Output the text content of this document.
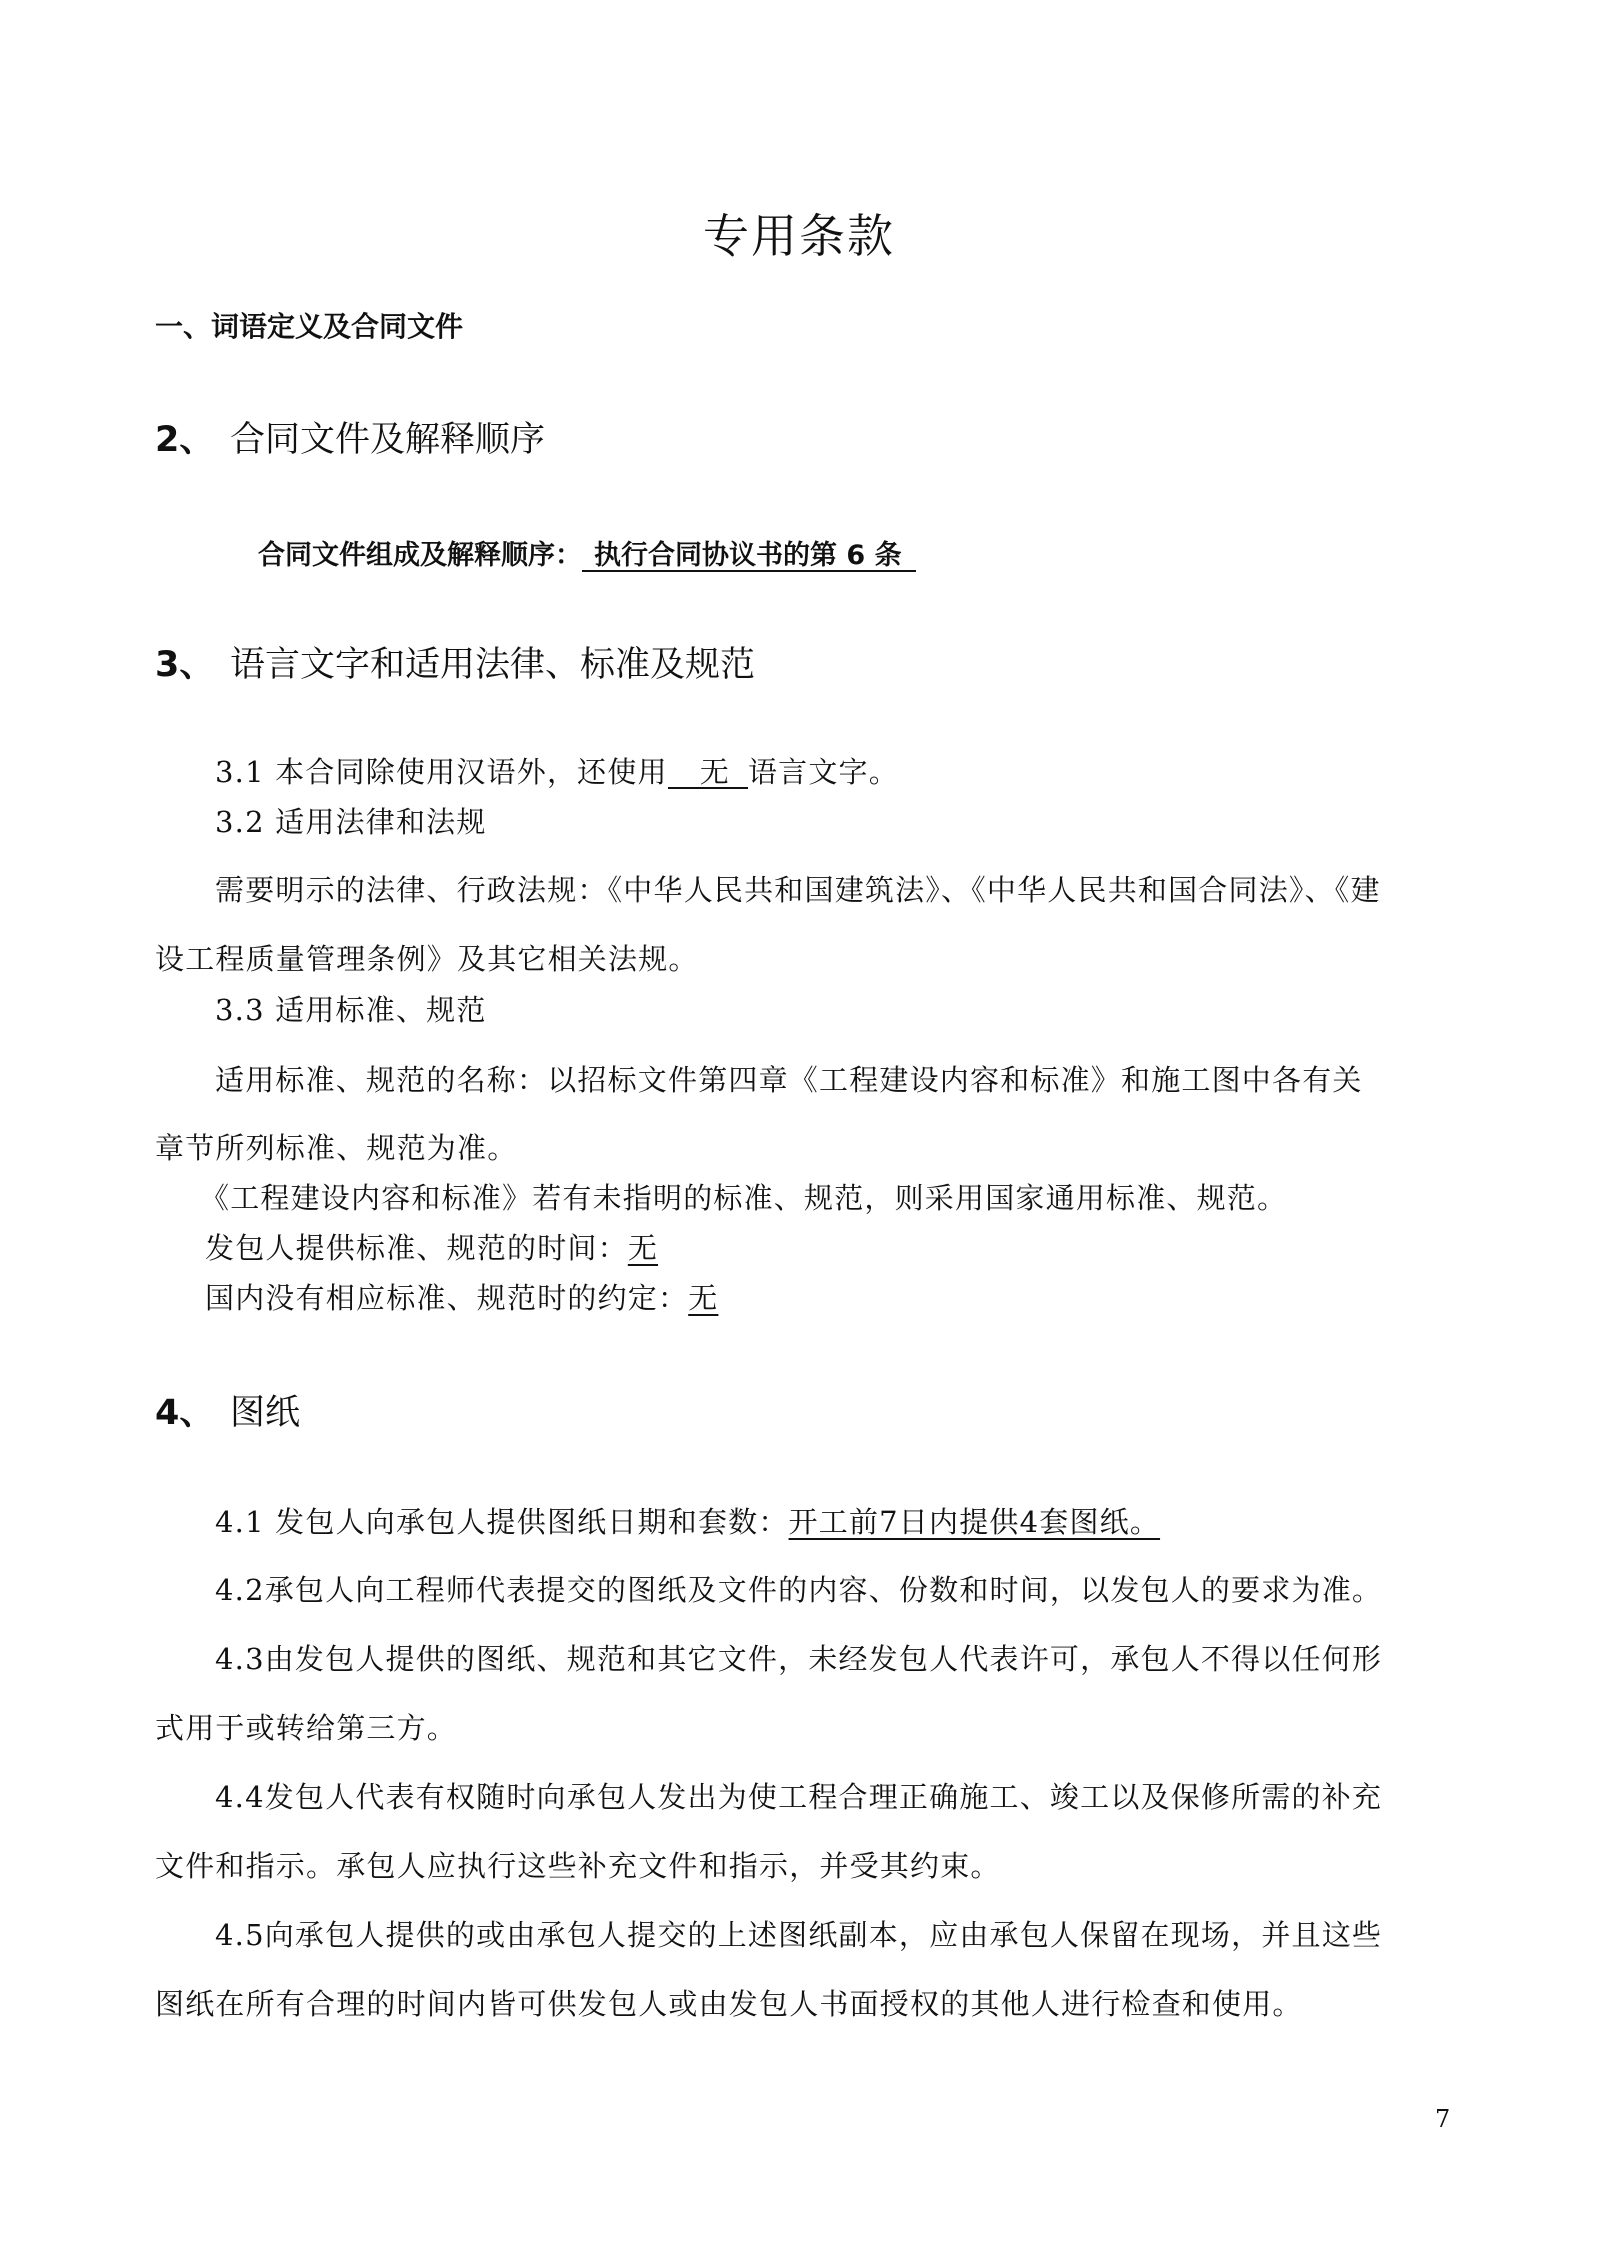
专用条款
一、词语定义及合同文件
2、 合同文件及解释顺序
合同文件组成及解释顺序： 执行合同协议书的第 6 条
3、 语言文字和适用法律、标准及规范
3.1 本合同除使用汉语外，还使用 无 语言文字。
3.2 适用法律和法规
需要明示的法律、行政法规：《中华人民共和国建筑法》、《中华人民共和国合同法》、《建
设工程质量管理条例》及其它相关法规。
3.3 适用标准、规范
适用标准、规范的名称：以招标文件第四章《工程建设内容和标准》和施工图中各有关
章节所列标准、规范为准。
《工程建设内容和标准》若有未指明的标准、规范，则采用国家通用标准、规范。
发包人提供标准、规范的时间：无
国内没有相应标准、规范时的约定：无
4、 图纸
4.1 发包人向承包人提供图纸日期和套数：开工前7日内提供4套图纸。
4.2承包人向工程师代表提交的图纸及文件的内容、份数和时间，以发包人的要求为准。
4.3由发包人提供的图纸、规范和其它文件，未经发包人代表许可，承包人不得以任何形
式用于或转给第三方。
4.4发包人代表有权随时向承包人发出为使工程合理正确施工、竣工以及保修所需的补充
文件和指示。承包人应执行这些补充文件和指示，并受其约束。
4.5向承包人提供的或由承包人提交的上述图纸副本，应由承包人保留在现场，并且这些
图纸在所有合理的时间内皆可供发包人或由发包人书面授权的其他人进行检查和使用。
7
